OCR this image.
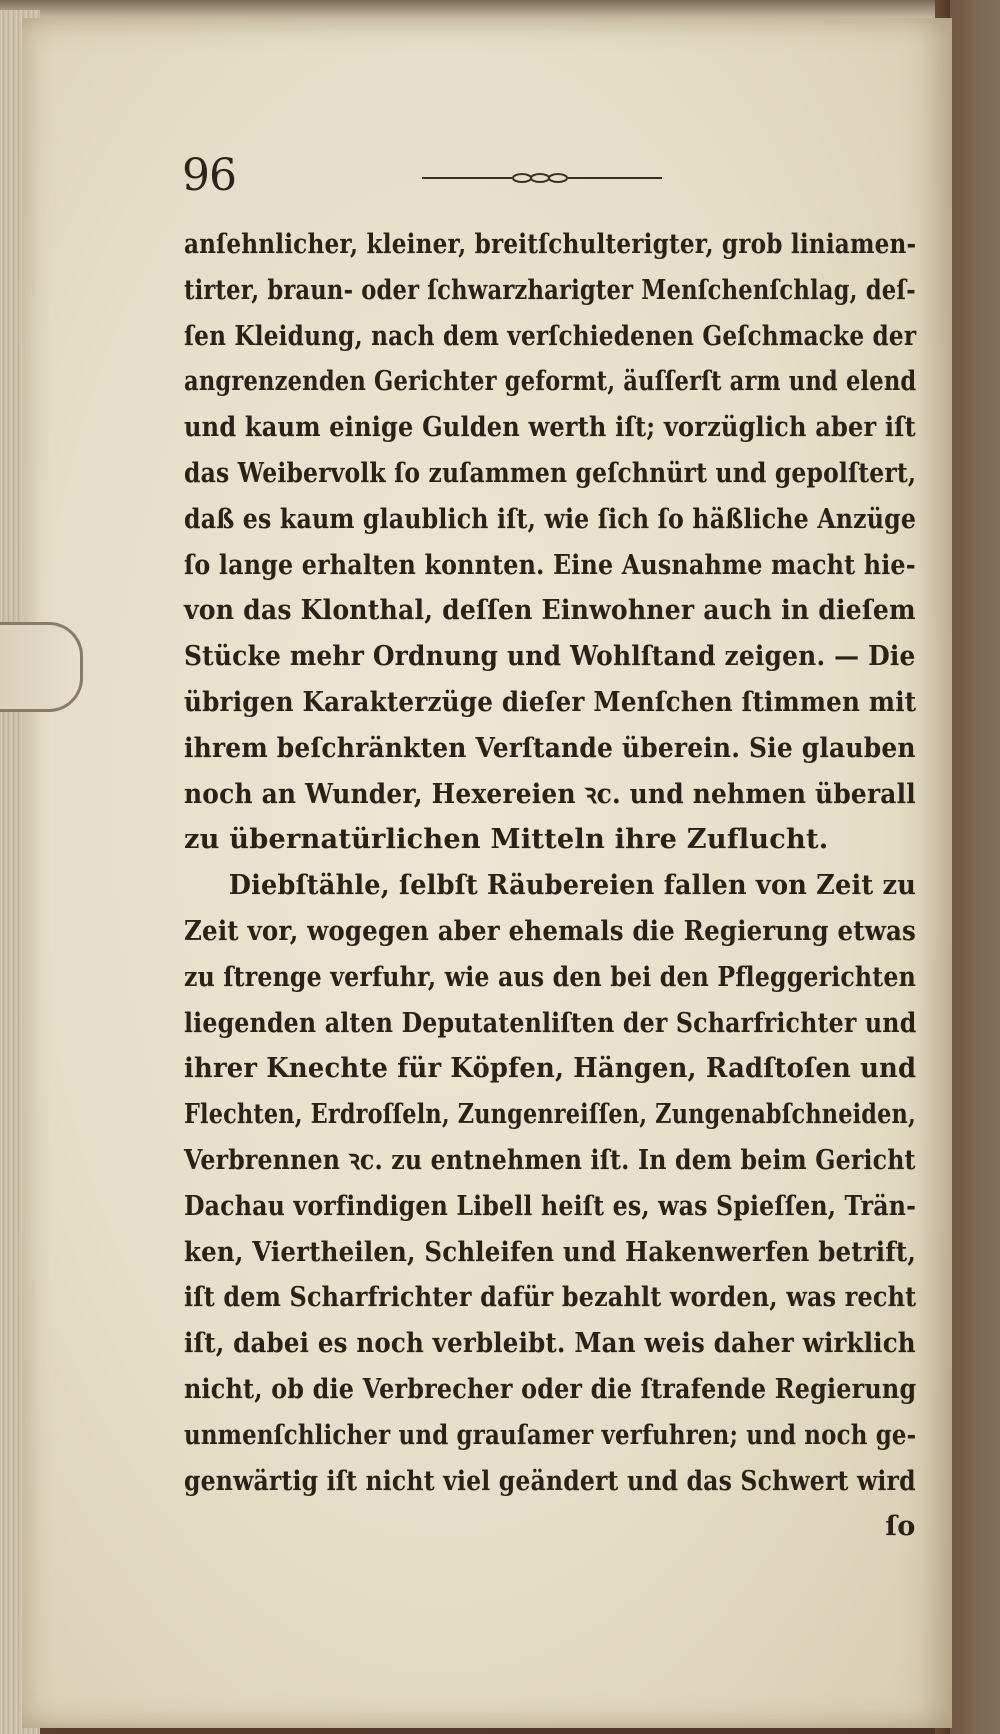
96
anſehnlicher, kleiner, breitſchulterigter, grob liniamen-
tirter, braun- oder ſchwarzharigter Menſchenſchlag, deſ-
ſen Kleidung, nach dem verſchiedenen Geſchmacke der
angrenzenden Gerichter geformt, äuſſerſt arm und elend
und kaum einige Gulden werth iſt; vorzüglich aber iſt
das Weibervolk ſo zuſammen geſchnürt und gepolſtert,
daß es kaum glaublich iſt, wie ſich ſo häßliche Anzüge
ſo lange erhalten konnten. Eine Ausnahme macht hie-
von das Klonthal, deſſen Einwohner auch in dieſem
Stücke mehr Ordnung und Wohlſtand zeigen. — Die
übrigen Karakterzüge dieſer Menſchen ſtimmen mit
ihrem beſchränkten Verſtande überein. Sie glauben
noch an Wunder, Hexereien ꝛc. und nehmen überall
zu übernatürlichen Mitteln ihre Zuflucht.
Diebſtähle, ſelbſt Räubereien fallen von Zeit zu
Zeit vor, wogegen aber ehemals die Regierung etwas
zu ſtrenge verfuhr, wie aus den bei den Pfleggerichten
liegenden alten Deputatenliſten der Scharfrichter und
ihrer Knechte für Köpfen, Hängen, Radſtoſen und
Flechten, Erdroſſeln, Zungenreiſſen, Zungenabſchneiden,
Verbrennen ꝛc. zu entnehmen iſt. In dem beim Gericht
Dachau vorfindigen Libell heiſt es, was Spieſſen, Trän-
ken, Viertheilen, Schleifen und Hakenwerfen betrift,
iſt dem Scharfrichter dafür bezahlt worden, was recht
iſt, dabei es noch verbleibt. Man weis daher wirklich
nicht, ob die Verbrecher oder die ſtrafende Regierung
unmenſchlicher und grauſamer verfuhren; und noch ge-
genwärtig iſt nicht viel geändert und das Schwert wird
ſo
